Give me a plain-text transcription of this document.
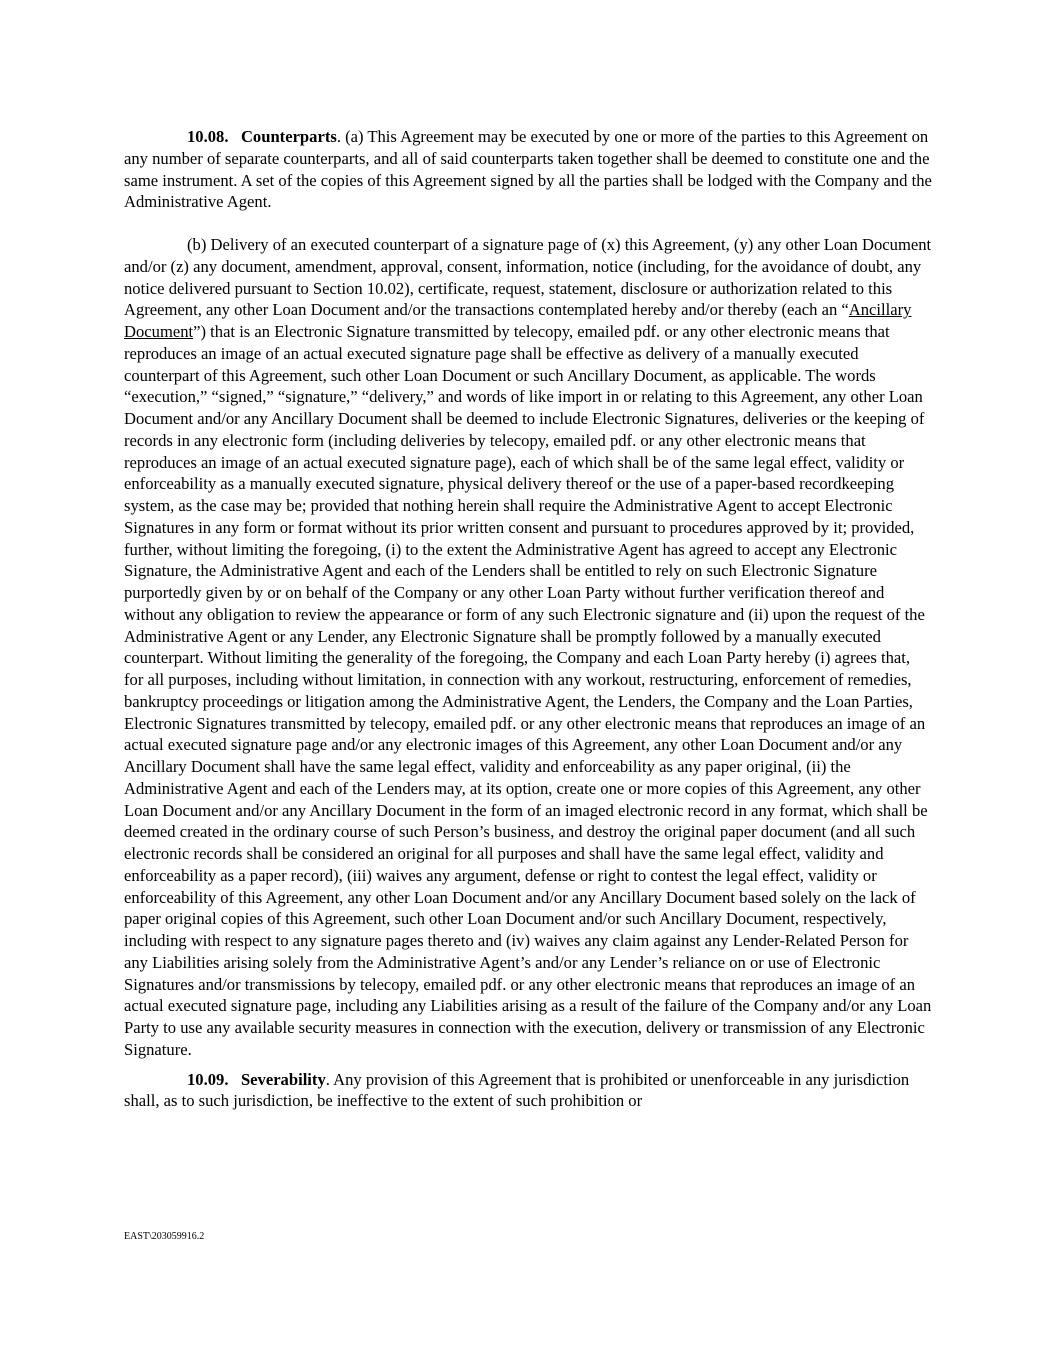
10.08. Counterparts. (a) This Agreement may be executed by one or more of the parties to this Agreement on any number of separate counterparts, and all of said counterparts taken together shall be deemed to constitute one and the same instrument. A set of the copies of this Agreement signed by all the parties shall be lodged with the Company and the Administrative Agent.

(b) Delivery of an executed counterpart of a signature page of (x) this Agreement, (y) any other Loan Document and/or (z) any document, amendment, approval, consent, information, notice (including, for the avoidance of doubt, any notice delivered pursuant to Section 10.02), certificate, request, statement, disclosure or authorization related to this Agreement, any other Loan Document and/or the transactions contemplated hereby and/or thereby (each an “Ancillary Document”) that is an Electronic Signature transmitted by telecopy, emailed pdf. or any other electronic means that reproduces an image of an actual executed signature page shall be effective as delivery of a manually executed counterpart of this Agreement, such other Loan Document or such Ancillary Document, as applicable. The words “execution,” “signed,” “signature,” “delivery,” and words of like import in or relating to this Agreement, any other Loan Document and/or any Ancillary Document shall be deemed to include Electronic Signatures, deliveries or the keeping of records in any electronic form (including deliveries by telecopy, emailed pdf. or any other electronic means that reproduces an image of an actual executed signature page), each of which shall be of the same legal effect, validity or enforceability as a manually executed signature, physical delivery thereof or the use of a paper-based recordkeeping system, as the case may be; provided that nothing herein shall require the Administrative Agent to accept Electronic Signatures in any form or format without its prior written consent and pursuant to procedures approved by it; provided, further, without limiting the foregoing, (i) to the extent the Administrative Agent has agreed to accept any Electronic Signature, the Administrative Agent and each of the Lenders shall be entitled to rely on such Electronic Signature purportedly given by or on behalf of the Company or any other Loan Party without further verification thereof and without any obligation to review the appearance or form of any such Electronic signature and (ii) upon the request of the Administrative Agent or any Lender, any Electronic Signature shall be promptly followed by a manually executed counterpart. Without limiting the generality of the foregoing, the Company and each Loan Party hereby (i) agrees that, for all purposes, including without limitation, in connection with any workout, restructuring, enforcement of remedies, bankruptcy proceedings or litigation among the Administrative Agent, the Lenders, the Company and the Loan Parties, Electronic Signatures transmitted by telecopy, emailed pdf. or any other electronic means that reproduces an image of an actual executed signature page and/or any electronic images of this Agreement, any other Loan Document and/or any Ancillary Document shall have the same legal effect, validity and enforceability as any paper original, (ii) the Administrative Agent and each of the Lenders may, at its option, create one or more copies of this Agreement, any other Loan Document and/or any Ancillary Document in the form of an imaged electronic record in any format, which shall be deemed created in the ordinary course of such Person’s business, and destroy the original paper document (and all such electronic records shall be considered an original for all purposes and shall have the same legal effect, validity and enforceability as a paper record), (iii) waives any argument, defense or right to contest the legal effect, validity or enforceability of this Agreement, any other Loan Document and/or any Ancillary Document based solely on the lack of paper original copies of this Agreement, such other Loan Document and/or such Ancillary Document, respectively, including with respect to any signature pages thereto and (iv) waives any claim against any Lender-Related Person for any Liabilities arising solely from the Administrative Agent’s and/or any Lender’s reliance on or use of Electronic Signatures and/or transmissions by telecopy, emailed pdf. or any other electronic means that reproduces an image of an actual executed signature page, including any Liabilities arising as a result of the failure of the Company and/or any Loan Party to use any available security measures in connection with the execution, delivery or transmission of any Electronic Signature.

10.09. Severability. Any provision of this Agreement that is prohibited or unenforceable in any jurisdiction shall, as to such jurisdiction, be ineffective to the extent of such prohibition or

EAST\203059916.2
